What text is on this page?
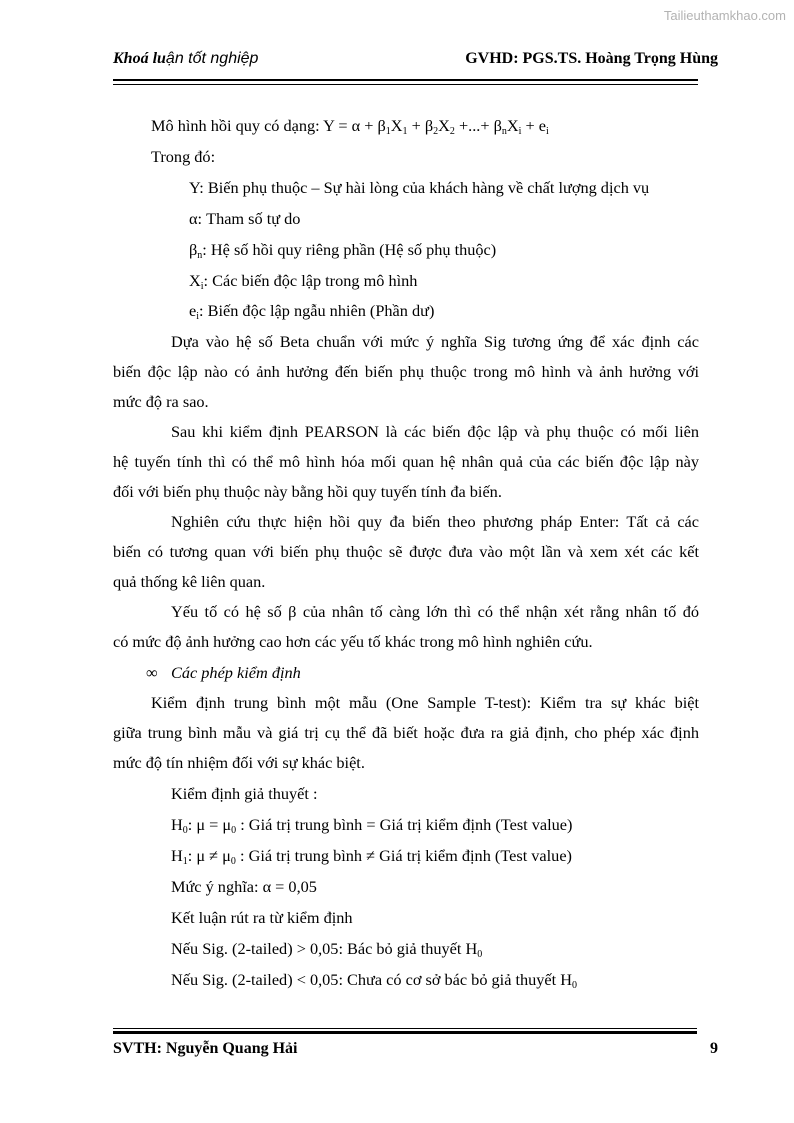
Tailieuthamkhao.com
Khoá luận tốt nghiệp	GVHD: PGS.TS. Hoàng Trọng Hùng
Mô hình hồi quy có dạng: $Y = \alpha + \beta_1X_1 + \beta_2X_2$ +...+ $\beta_nX_i + e_i$
Trong đó:
Y: Biến phụ thuộc – Sự hài lòng của khách hàng về chất lượng dịch vụ
α: Tham số tự do
$\beta_n$: Hệ số hồi quy riêng phần (Hệ số phụ thuộc)
$X_i$: Các biến độc lập trong mô hình
$e_i$: Biến độc lập ngẫu nhiên (Phần dư)
Dựa vào hệ số Beta chuẩn với mức ý nghĩa Sig tương ứng để xác định các
biến độc lập nào có ảnh hưởng đến biến phụ thuộc trong mô hình và ảnh hưởng với
mức độ ra sao.
Sau khi kiểm định PEARSON là các biến độc lập và phụ thuộc có mối liên
hệ tuyến tính thì có thể mô hình hóa mối quan hệ nhân quả của các biến độc lập này
đối với biến phụ thuộc này bằng hồi quy tuyến tính đa biến.
Nghiên cứu thực hiện hồi quy đa biến theo phương pháp Enter: Tất cả các
biến có tương quan với biến phụ thuộc sẽ được đưa vào một lần và xem xét các kết
quả thống kê liên quan.
Yếu tố có hệ số β của nhân tố càng lớn thì có thể nhận xét rằng nhân tố đó
có mức độ ảnh hưởng cao hơn các yếu tố khác trong mô hình nghiên cứu.
∞ Các phép kiểm định
Kiểm định trung bình một mẫu (One Sample T-test): Kiểm tra sự khác biệt
giữa trung bình mẫu và giá trị cụ thể đã biết hoặc đưa ra giả định, cho phép xác định
mức độ tín nhiệm đối với sự khác biệt.
Kiểm định giả thuyết :
$H_0$: $\mu = \mu_0$ : Giá trị trung bình = Giá trị kiểm định (Test value)
$H_1$: $\mu \ne \mu_0$ : Giá trị trung bình ≠ Giá trị kiểm định (Test value)
Mức ý nghĩa: α = 0,05
Kết luận rút ra từ kiểm định
Nếu Sig. (2-tailed) > 0,05: Bác bỏ giả thuyết $H_0$
Nếu Sig. (2-tailed) < 0,05: Chưa có cơ sở bác bỏ giả thuyết $H_0$
SVTH: Nguyễn Quang Hải	9
